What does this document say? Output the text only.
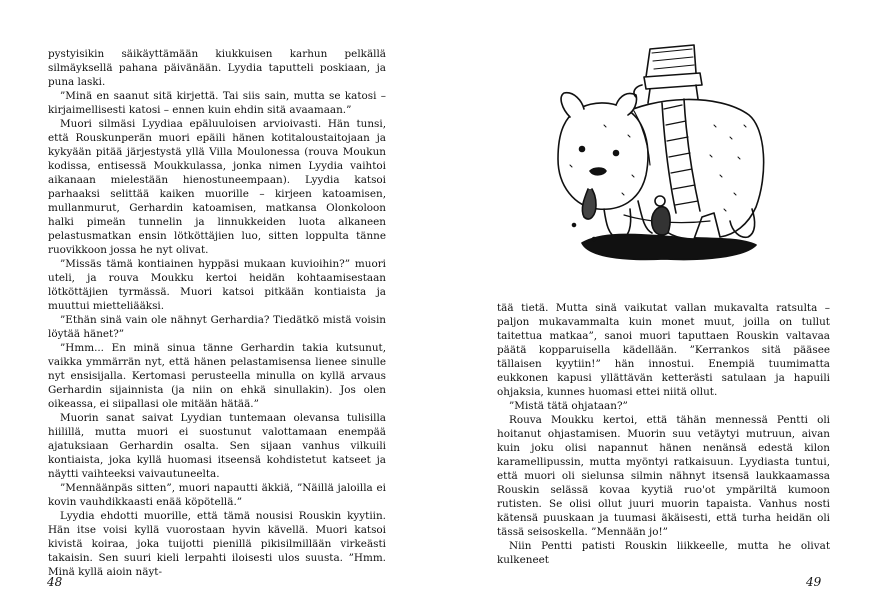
pystyisikin säikäyttämään kiukkuisen karhun pelkällä silmäyksellä pahana päivänään. Lyydia taputteli poskiaan, ja puna laski.

”Minä en saanut sitä kirjettä. Tai siis sain, mutta se katosi – kirjaimellisesti katosi – ennen kuin ehdin sitä avaamaan.”

Muori silmäsi Lyydiaa epäluuloisen arvioivasti. Hän tunsi, että Rouskunperän muori epäili hänen kotitaloustaitojaan ja kykyään pitää järjestystä yllä Villa Moulonessa (rouva Moukun kodissa, entisessä Moukkulassa, jonka nimen Lyydia vaihtoi aikanaan mielestään hienostuneempaan). Lyydia katsoi parhaaksi selittää kaiken muorille – kirjeen katoamisen, mullanmurut, Gerhardin katoamisen, matkansa Olonkoloon halki pimeän tunnelin ja linnukkeiden luota alkaneen pelastusmatkan ensin lötköttäjien luo, sitten loppulta tänne ruovikkoon jossa he nyt olivat.

”Missäs tämä kontiainen hyppäsi mukaan kuvioihin?” muori uteli, ja rouva Moukku kertoi heidän kohtaamisestaan lötköttäjien tyrmässä. Muori katsoi pitkään kontiaista ja muuttui mietteliääksi.

”Ethän sinä vain ole nähnyt Gerhardia? Tiedätkö mistä voisin löytää hänet?”

”Hmm... En minä sinua tänne Gerhardin takia kutsunut, vaikka ymmärrän nyt, että hänen pelastamisensa lienee sinulle nyt ensisijalla. Kertomasi perusteella minulla on kyllä arvaus Gerhardin sijainnista (ja niin on ehkä sinullakin). Jos olen oikeassa, ei siipallasi ole mitään hätää.”

Muorin sanat saivat Lyydian tuntemaan olevansa tulisilla hiilillä, mutta muori ei suostunut valottamaan enempää ajatuksiaan Gerhardin osalta. Sen sijaan vanhus vilkuili kontiaista, joka kyllä huomasi itseensä kohdistetut katseet ja näytti vaihteeksi vaivautuneelta.

”Mennäänpäs sitten”, muori napautti äkkiä, ”Näillä jaloilla ei kovin vauhdikkaasti enää köpötellä.”

Lyydia ehdotti muorille, että tämä nousisi Rouskin kyytiin. Hän itse voisi kyllä vuorostaan hyvin kävellä. Muori katsoi kivistä koiraa, joka tuijotti pienillä pikisilmillään virkeästi takaisin. Sen suuri kieli lerpahti iloisesti ulos suusta. ”Hmm. Minä kyllä aioin näyt-

48

tää tietä. Mutta sinä vaikutat vallan mukavalta ratsulta – paljon mukavammalta kuin monet muut, joilla on tullut taitettua matkaa”, sanoi muori taputtaen Rouskin valtavaa päätä kopparuisella kädellään. ”Kerrankos sitä pääsee tällaisen kyytiin!” hän innostui. Enempiä tuumimatta eukkonen kapusi yllättävän ketterästi satulaan ja hapuili ohjaksia, kunnes huomasi ettei niitä ollut.

”Mistä tätä ohjataan?”

Rouva Moukku kertoi, että tähän mennessä Pentti oli hoitanut ohjastamisen. Muorin suu vetäytyi mutruun, aivan kuin joku olisi napannut hänen nenänsä edestä kilon karamellipussin, mutta myöntyi ratkaisuun. Lyydiasta tuntui, että muori oli sielunsa silmin nähnyt itsensä laukkaamassa Rouskin selässä kovaa kyytiä ruo'ot ympäriltä kumoon rutisten. Se olisi ollut juuri muorin tapaista. Vanhus nosti kätensä puuskaan ja tuumasi äkäisesti, että turha heidän oli tässä seisoskella. ”Mennään jo!”

Niin Pentti patisti Rouskin liikkeelle, mutta he olivat kulkeneet

49
